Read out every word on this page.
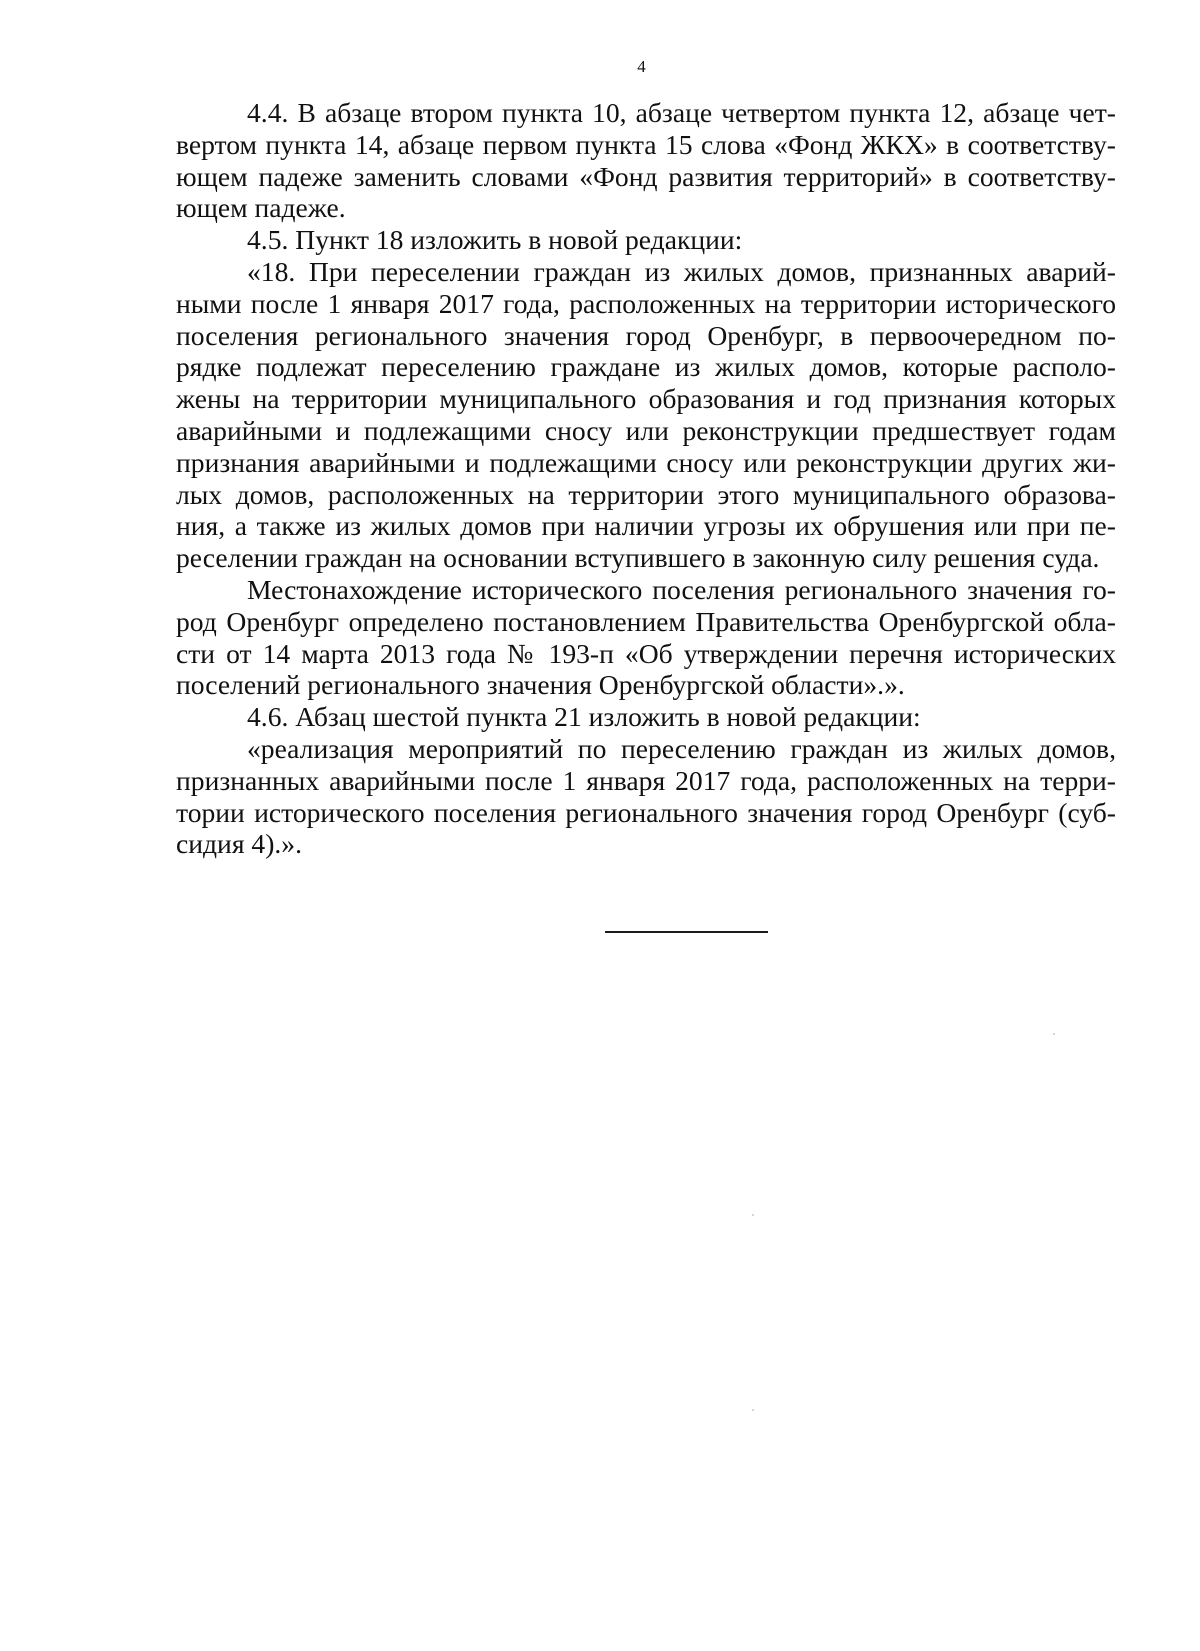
4
4.4. В абзаце втором пункта 10, абзаце четвертом пункта 12, абзаце чет-
вертом пункта 14, абзаце первом пункта 15 слова «Фонд ЖКХ» в соответству-
ющем падеже заменить словами «Фонд развития территорий» в соответству-
ющем падеже.
4.5. Пункт 18 изложить в новой редакции:
«18. При переселении граждан из жилых домов, признанных аварий-
ными после 1 января 2017 года, расположенных на территории исторического
поселения регионального значения город Оренбург, в первоочередном по-
рядке подлежат переселению граждане из жилых домов, которые располо-
жены на территории муниципального образования и год признания которых
аварийными и подлежащими сносу или реконструкции предшествует годам
признания аварийными и подлежащими сносу или реконструкции других жи-
лых домов, расположенных на территории этого муниципального образова-
ния, а также из жилых домов при наличии угрозы их обрушения или при пе-
реселении граждан на основании вступившего в законную силу решения суда.
Местонахождение исторического поселения регионального значения го-
род Оренбург определено постановлением Правительства Оренбургской обла-
сти от 14 марта 2013 года № 193-п «Об утверждении перечня исторических
поселений регионального значения Оренбургской области».».
4.6. Абзац шестой пункта 21 изложить в новой редакции:
«реализация мероприятий по переселению граждан из жилых домов,
признанных аварийными после 1 января 2017 года, расположенных на терри-
тории исторического поселения регионального значения город Оренбург (суб-
сидия 4).».
